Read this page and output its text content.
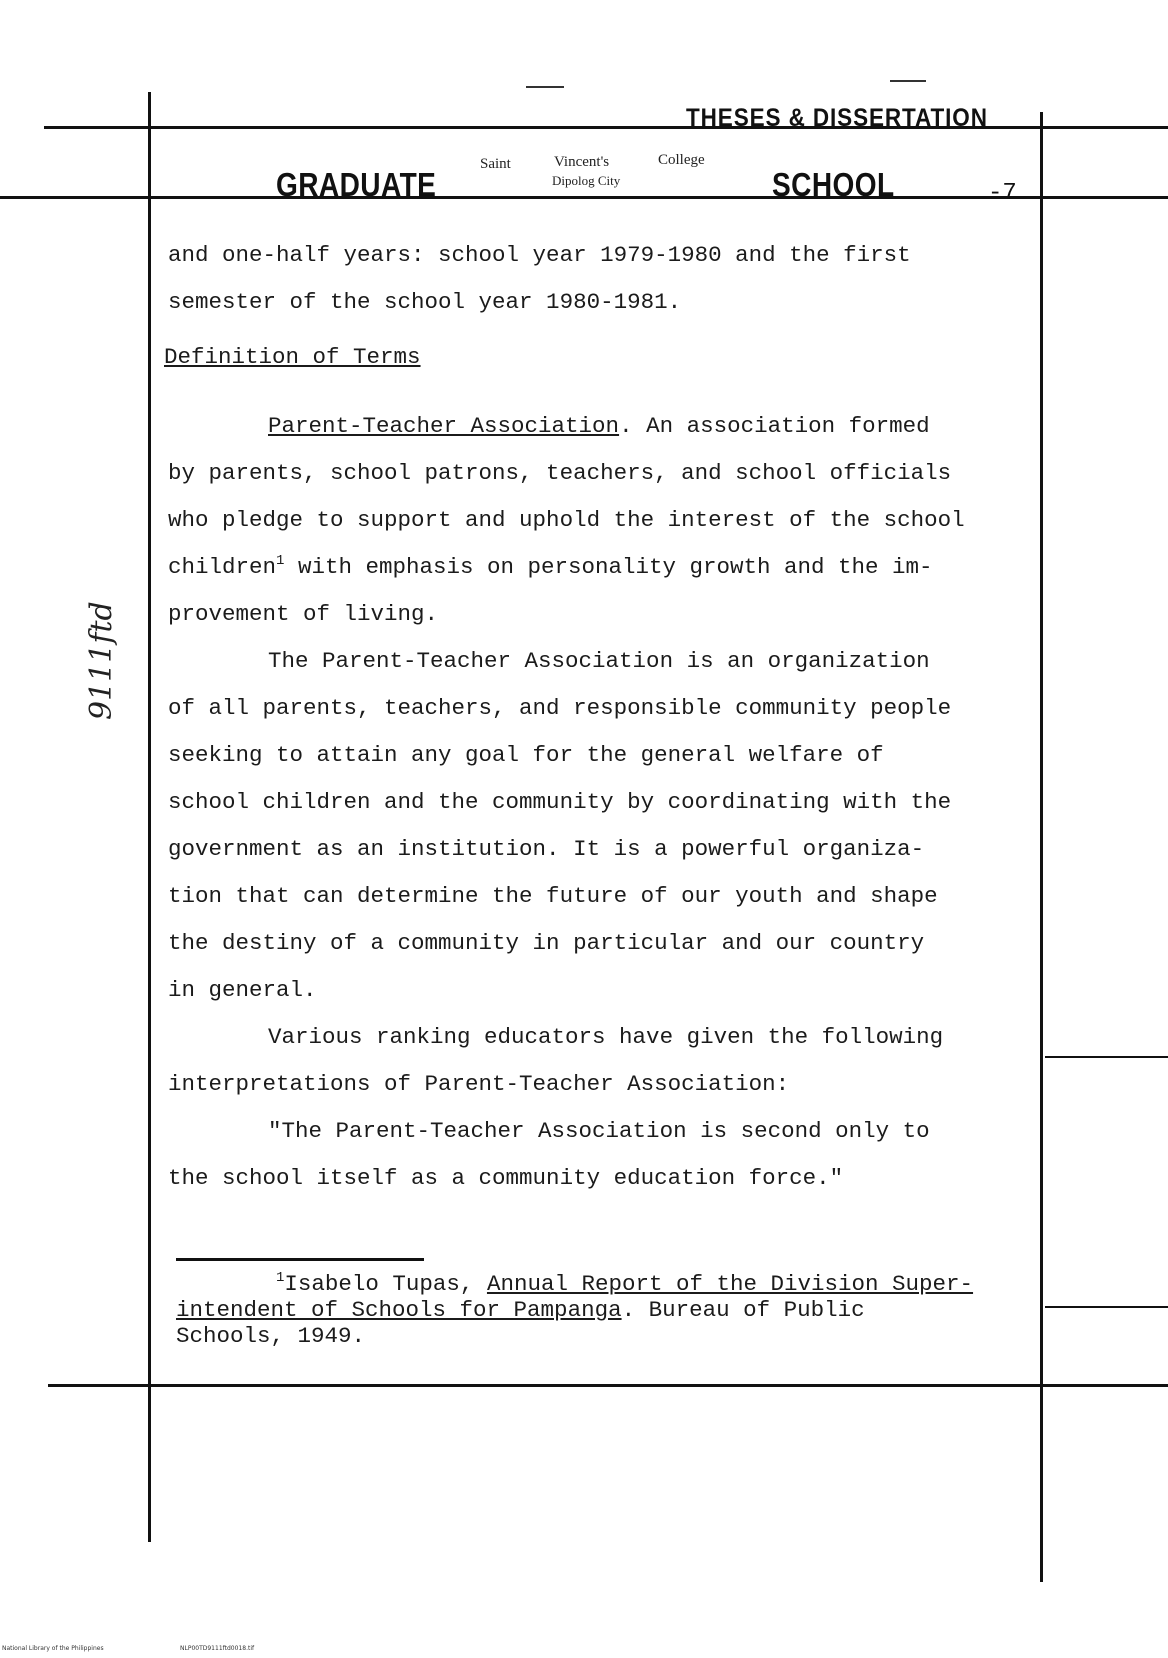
THESES & DISSERTATION
GRADUATE
Saint	Vincent's	College
Dipolog City	SCHOOL	-7
and one-half years: school year 1979-1980 and the first
semester of the school year 1980-1981.
Definition of Terms
Parent-Teacher Association. An association formed
by parents, school patrons, teachers, and school officials
who pledge to support and uphold the interest of the school
children$^1$ with emphasis on personality growth and the im-
provement of living.
The Parent-Teacher Association is an organization
of all parents, teachers, and responsible community people
seeking to attain any goal for the general welfare of
school children and the community by coordinating with the
government as an institution. It is a powerful organiza-
tion that can determine the future of our youth and shape
the destiny of a community in particular and our country
in general.
Various ranking educators have given the following
interpretations of Parent-Teacher Association:
"The Parent-Teacher Association is second only to
the school itself as a community education force."
$^1$Isabelo Tupas, Annual Report of the Division Super-
intendent of Schools for Pampanga. Bureau of Public
Schools, 1949.
9111ftd
National Library of the Philippines	NLP00TD9111ftd0018.tif
